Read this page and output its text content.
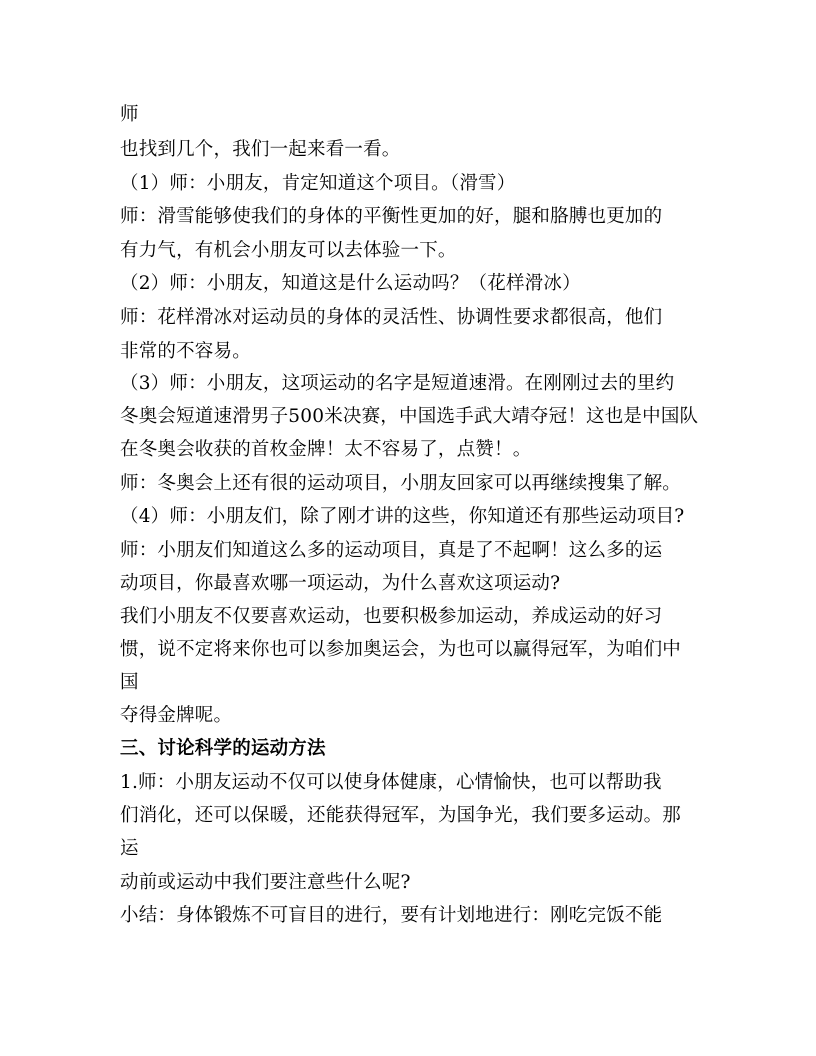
师
也找到几个，我们一起来看一看。
（1）师：小朋友，肯定知道这个项目。（滑雪）
师：滑雪能够使我们的身体的平衡性更加的好，腿和胳膊也更加的
有力气，有机会小朋友可以去体验一下。
（2）师：小朋友，知道这是什么运动吗？（花样滑冰）
师：花样滑冰对运动员的身体的灵活性、协调性要求都很高，他们
非常的不容易。
（3）师：小朋友，这项运动的名字是短道速滑。在刚刚过去的里约
冬奥会短道速滑男子500米决赛，中国选手武大靖夺冠！这也是中国队
在冬奥会收获的首枚金牌！太不容易了，点赞！。
师：冬奥会上还有很的运动项目，小朋友回家可以再继续搜集了解。
（4）师：小朋友们，除了刚才讲的这些，你知道还有那些运动项目?
师：小朋友们知道这么多的运动项目，真是了不起啊！这么多的运
动项目，你最喜欢哪一项运动，为什么喜欢这项运动?
我们小朋友不仅要喜欢运动，也要积极参加运动，养成运动的好习
惯，说不定将来你也可以参加奥运会，为也可以赢得冠军，为咱们中
国
夺得金牌呢。
三、讨论科学的运动方法
1.师：小朋友运动不仅可以使身体健康，心情愉快，也可以帮助我
们消化，还可以保暖，还能获得冠军，为国争光，我们要多运动。那
运
动前或运动中我们要注意些什么呢?
小结：身体锻炼不可盲目的进行，要有计划地进行：刚吃完饭不能
